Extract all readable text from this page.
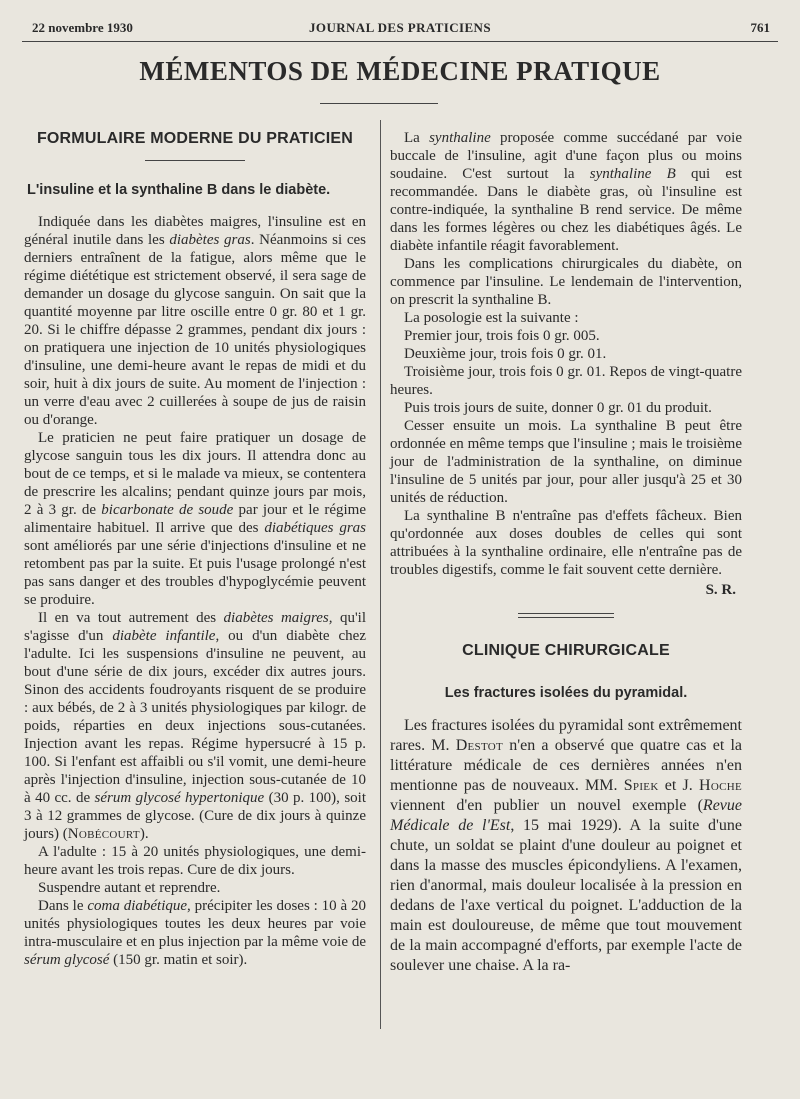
22 novembre 1930	JOURNAL DES PRATICIENS	761
MÉMENTOS DE MÉDECINE PRATIQUE
FORMULAIRE MODERNE DU PRATICIEN
L'insuline et la synthaline B dans le diabète.

Indiquée dans les diabètes maigres, l'insuline est en général inutile dans les diabètes gras. Néanmoins si ces derniers entraînent de la fatigue, alors même que le régime diététique est strictement observé, il sera sage de demander un dosage du glycose sanguin. On sait que la quantité moyenne par litre oscille entre 0 gr. 80 et 1 gr. 20. Si le chiffre dépasse 2 grammes, pendant dix jours : on pratiquera une injection de 10 unités physiologiques d'insuline, une demi-heure avant le repas de midi et du soir, huit à dix jours de suite. Au moment de l'injection : un verre d'eau avec 2 cuillerées à soupe de jus de raisin ou d'orange.

Le praticien ne peut faire pratiquer un dosage de glycose sanguin tous les dix jours. Il attendra donc au bout de ce temps, et si le malade va mieux, se contentera de prescrire les alcalins; pendant quinze jours par mois, 2 à 3 gr. de bicarbonate de soude par jour et le régime alimentaire habituel. Il arrive que des diabétiques gras sont améliorés par une série d'injections d'insuline et ne retombent pas par la suite. Et puis l'usage prolongé n'est pas sans danger et des troubles d'hypoglycémie peuvent se produire.

Il en va tout autrement des diabètes maigres, qu'il s'agisse d'un diabète infantile, ou d'un diabète chez l'adulte. Ici les suspensions d'insuline ne peuvent, au bout d'une série de dix jours, excéder dix autres jours. Sinon des accidents foudroyants risquent de se produire : aux bébés, de 2 à 3 unités physiologiques par kilogr. de poids, réparties en deux injections sous-cutanées. Injection avant les repas. Régime hypersucré à 15 p. 100. Si l'enfant est affaibli ou s'il vomit, une demi-heure après l'injection d'insuline, injection sous-cutanée de 10 à 40 cc. de sérum glycosé hypertonique (30 p. 100), soit 3 à 12 grammes de glycose. (Cure de dix jours à quinze jours) (Nobécourt).

A l'adulte : 15 à 20 unités physiologiques, une demi-heure avant les trois repas. Cure de dix jours.

Suspendre autant et reprendre.

Dans le coma diabétique, précipiter les doses : 10 à 20 unités physiologiques toutes les deux heures par voie intra-musculaire et en plus injection par la même voie de sérum glycosé (150 gr. matin et soir).

La synthaline proposée comme succédané par voie buccale de l'insuline, agit d'une façon plus ou moins soudaine. C'est surtout la synthaline B qui est recommandée. Dans le diabète gras, où l'insuline est contre-indiquée, la synthaline B rend service. De même dans les formes légères ou chez les diabétiques âgés. Le diabète infantile réagit favorablement.

Dans les complications chirurgicales du diabète, on commence par l'insuline. Le lendemain de l'intervention, on prescrit la synthaline B.

La posologie est la suivante :

Premier jour, trois fois 0 gr. 005.

Deuxième jour, trois fois 0 gr. 01.

Troisième jour, trois fois 0 gr. 01. Repos de vingt-quatre heures.

Puis trois jours de suite, donner 0 gr. 01 du produit.

Cesser ensuite un mois. La synthaline B peut être ordonnée en même temps que l'insuline ; mais le troisième jour de l'administration de la synthaline, on diminue l'insuline de 5 unités par jour, pour aller jusqu'à 25 et 30 unités de réduction.

La synthaline B n'entraîne pas d'effets fâcheux. Bien qu'ordonnée aux doses doubles de celles qui sont attribuées à la synthaline ordinaire, elle n'entraîne pas de troubles digestifs, comme le fait souvent cette dernière.

S. R.

CLINIQUE CHIRURGICALE
Les fractures isolées du pyramidal.

Les fractures isolées du pyramidal sont extrêmement rares. M. Destot n'en a observé que quatre cas et la littérature médicale de ces dernières années n'en mentionne pas de nouveaux. MM. Spiek et J. Hoche viennent d'en publier un nouvel exemple (Revue Médicale de l'Est, 15 mai 1929). A la suite d'une chute, un soldat se plaint d'une douleur au poignet et dans la masse des muscles épicondyliens. A l'examen, rien d'anormal, mais douleur localisée à la pression en dedans de l'axe vertical du poignet. L'adduction de la main est douloureuse, de même que tout mouvement de la main accompagné d'efforts, par exemple l'acte de soulever une chaise. A la ra-
